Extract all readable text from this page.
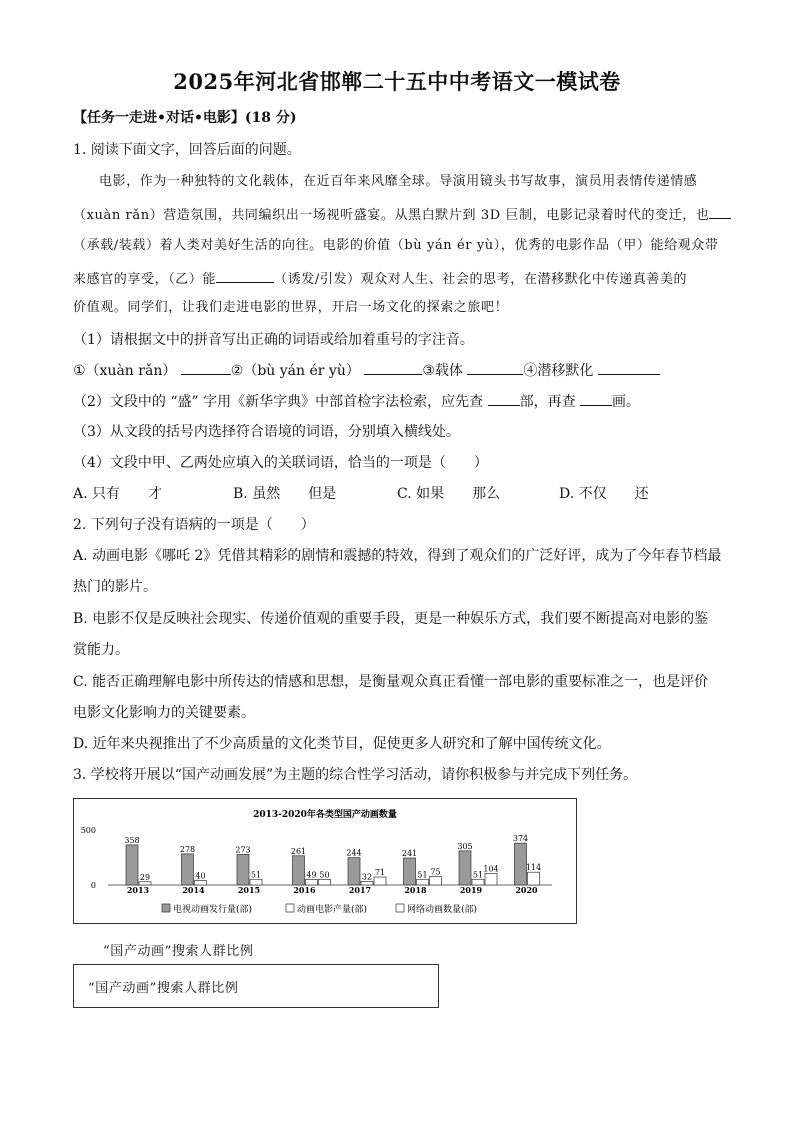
2025年河北省邯郸二十五中中考语文一模试卷
【任务一走进•对话•电影】(18 分)
1. 阅读下面文字，回答后面的问题。
电影，作为一种独特的文化载体，在近百年来风靡全球。导演用镜头书写故事，演员用表情传递情感
（xuàn rǎn）营造氛围，共同编织出一场视听盛宴。从黑白默片到 3D 巨制，电影记录着时代的变迁，也
（承载/装载）着人类对美好生活的向往。电影的价值（bù yán ér yù），优秀的电影作品（甲）能给观众带
来感官的享受，（乙）能	（诱发/引发）观众对人生、社会的思考，在潜移默化中传递真善美的
价值观。同学们，让我们走进电影的世界，开启一场文化的探索之旅吧！
（1）请根据文中的拼音写出正确的词语或给加着重号的字注音。
①（xuàn rǎn）	②（bù yán ér yù）	③载体	④潜移默化
（2）文段中的 “盛” 字用《新华字典》中部首检字法检索，应先查	部，再查	画。
（3）从文段的括号内选择符合语境的词语，分别填入横线处。
（4）文段中甲、乙两处应填入的关联词语，恰当的一项是（　　）
A. 只有　　才	B. 虽然　　但是	C. 如果　　那么	D. 不仅　　还
2. 下列句子没有语病的一项是（　　）
A. 动画电影《哪吒 2》凭借其精彩的剧情和震撼的特效，得到了观众们的广泛好评，成为了今年春节档最
热门的影片。
B. 电影不仅是反映社会现实、传递价值观的重要手段，更是一种娱乐方式，我们要不断提高对电影的鉴
赏能力。
C. 能否正确理解电影中所传达的情感和思想，是衡量观众真正看懂一部电影的重要标准之一，也是评价
电影文化影响力的关键要素。
D. 近年来央视推出了不少高质量的文化类节目，促使更多人研究和了解中国传统文化。
3. 学校将开展以“国产动画发展”为主题的综合性学习活动，请你积极参与并完成下列任务。
2013-2020年各类型国产动画数量
500
0
358
29
2013
278
40
2014
273
51
2015
261
49 50
2016
244
32 71
2017
241
51 75
2018
305
51
104
2019
374
114
2020
电视动画发行量(部)	动画电影产量(部)	网络动画数量(部)
“国产动画”搜索人群比例
“国产动画”搜索人群比例
